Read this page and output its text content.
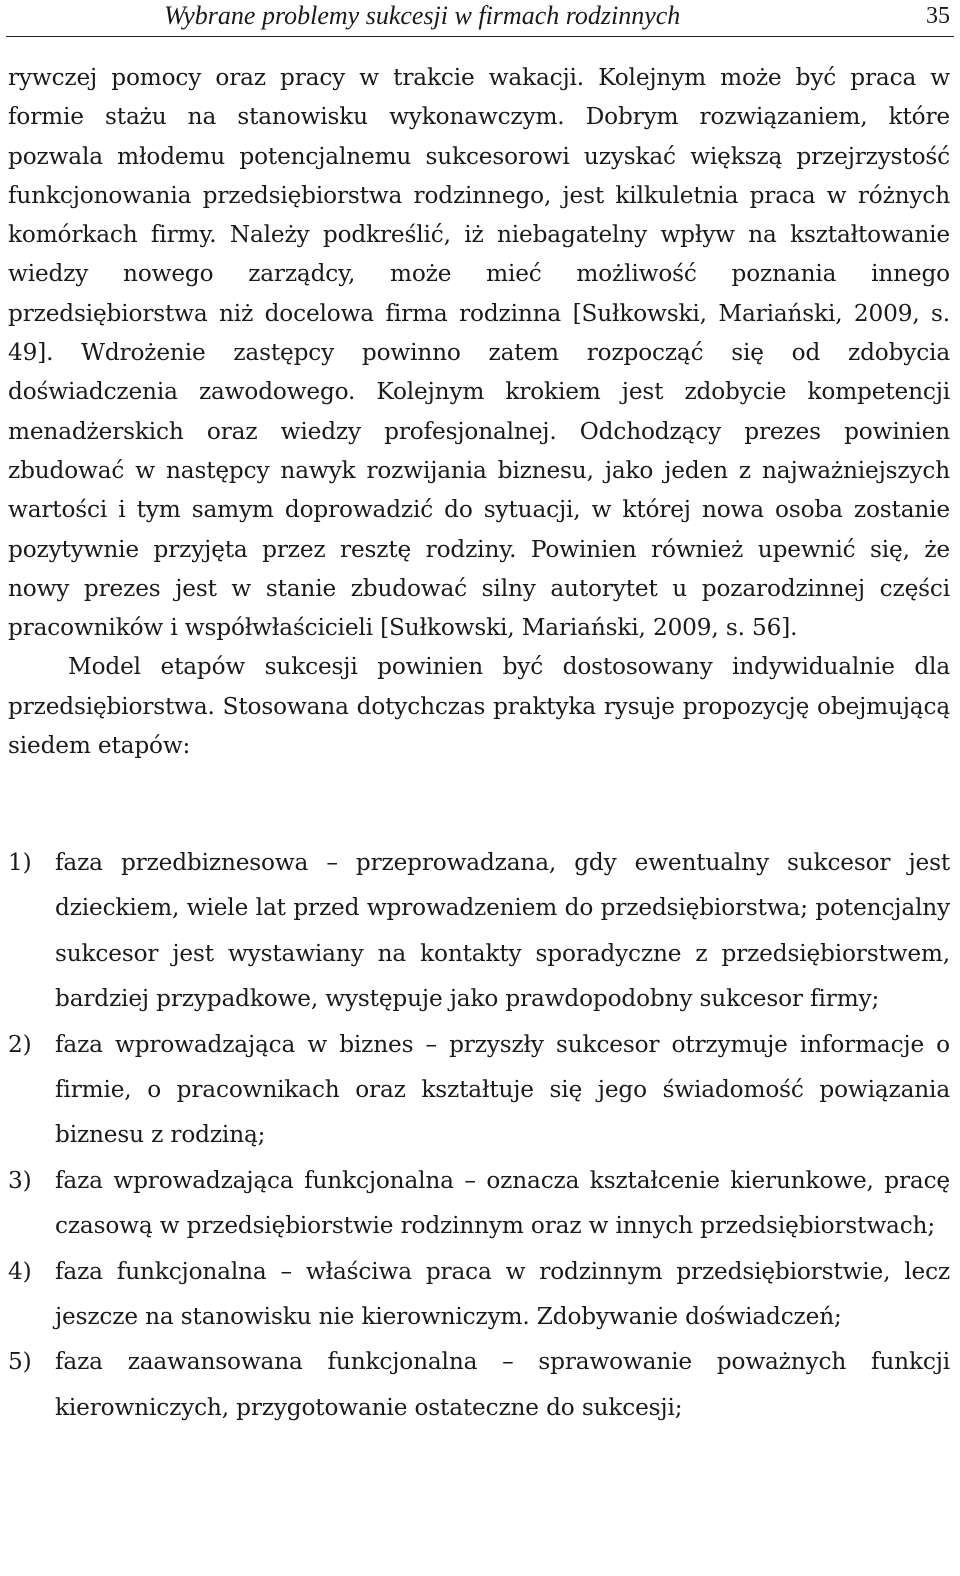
Wybrane problemy sukcesji w firmach rodzinnych	35

rywczej pomocy oraz pracy w trakcie wakacji. Kolejnym może być praca w formie stażu na stanowisku wykonawczym. Dobrym rozwiązaniem, które pozwala młodemu potencjalnemu sukcesorowi uzyskać większą przejrzystość funkcjonowania przedsiębiorstwa rodzinnego, jest kilkuletnia praca w różnych komórkach firmy. Należy podkreślić, iż niebagatelny wpływ na kształtowanie wiedzy nowego zarządcy, może mieć możliwość poznania innego przedsiębiorstwa niż docelowa firma rodzinna [Sułkowski, Mariański, 2009, s. 49]. Wdrożenie zastępcy powinno zatem rozpocząć się od zdobycia doświadczenia zawodowego. Kolejnym krokiem jest zdobycie kompetencji menadżerskich oraz wiedzy profesjonalnej. Odchodzący prezes powinien zbudować w następcy nawyk rozwijania biznesu, jako jeden z najważniejszych wartości i tym samym doprowadzić do sytuacji, w której nowa osoba zostanie pozytywnie przyjęta przez resztę rodziny. Powinien również upewnić się, że nowy prezes jest w stanie zbudować silny autorytet u pozarodzinnej części pracowników i współwłaścicieli [Sułkowski, Mariański, 2009, s. 56].

Model etapów sukcesji powinien być dostosowany indywidualnie dla przedsiębiorstwa. Stosowana dotychczas praktyka rysuje propozycję obejmującą siedem etapów:

1) faza przedbiznesowa – przeprowadzana, gdy ewentualny sukcesor jest dzieckiem, wiele lat przed wprowadzeniem do przedsiębiorstwa; potencjalny sukcesor jest wystawiany na kontakty sporadyczne z przedsiębiorstwem, bardziej przypadkowe, występuje jako prawdopodobny sukcesor firmy;
2) faza wprowadzająca w biznes – przyszły sukcesor otrzymuje informacje o firmie, o pracownikach oraz kształtuje się jego świadomość powiązania biznesu z rodziną;
3) faza wprowadzająca funkcjonalna – oznacza kształcenie kierunkowe, pracę czasową w przedsiębiorstwie rodzinnym oraz w innych przedsiębiorstwach;
4) faza funkcjonalna – właściwa praca w rodzinnym przedsiębiorstwie, lecz jeszcze na stanowisku nie kierowniczym. Zdobywanie doświadczeń;
5) faza zaawansowana funkcjonalna – sprawowanie poważnych funkcji kierowniczych, przygotowanie ostateczne do sukcesji;
